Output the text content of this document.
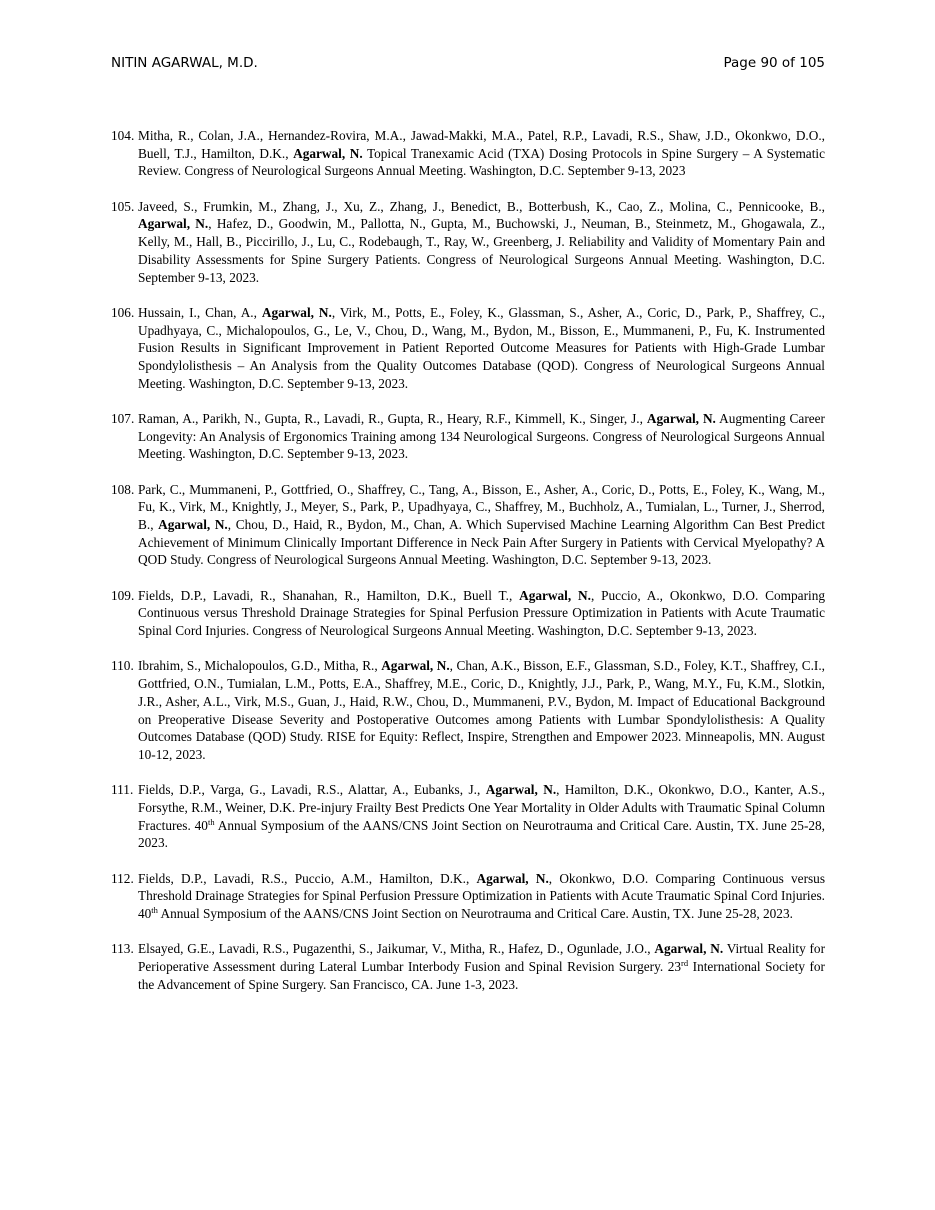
NITIN AGARWAL, M.D.	Page 90 of 105
104. Mitha, R., Colan, J.A., Hernandez-Rovira, M.A., Jawad-Makki, M.A., Patel, R.P., Lavadi, R.S., Shaw, J.D., Okonkwo, D.O., Buell, T.J., Hamilton, D.K., Agarwal, N. Topical Tranexamic Acid (TXA) Dosing Protocols in Spine Surgery – A Systematic Review. Congress of Neurological Surgeons Annual Meeting. Washington, D.C. September 9-13, 2023
105. Javeed, S., Frumkin, M., Zhang, J., Xu, Z., Zhang, J., Benedict, B., Botterbush, K., Cao, Z., Molina, C., Pennicooke, B., Agarwal, N., Hafez, D., Goodwin, M., Pallotta, N., Gupta, M., Buchowski, J., Neuman, B., Steinmetz, M., Ghogawala, Z., Kelly, M., Hall, B., Piccirillo, J., Lu, C., Rodebaugh, T., Ray, W., Greenberg, J. Reliability and Validity of Momentary Pain and Disability Assessments for Spine Surgery Patients. Congress of Neurological Surgeons Annual Meeting. Washington, D.C. September 9-13, 2023.
106. Hussain, I., Chan, A., Agarwal, N., Virk, M., Potts, E., Foley, K., Glassman, S., Asher, A., Coric, D., Park, P., Shaffrey, C., Upadhyaya, C., Michalopoulos, G., Le, V., Chou, D., Wang, M., Bydon, M., Bisson, E., Mummaneni, P., Fu, K. Instrumented Fusion Results in Significant Improvement in Patient Reported Outcome Measures for Patients with High-Grade Lumbar Spondylolisthesis – An Analysis from the Quality Outcomes Database (QOD). Congress of Neurological Surgeons Annual Meeting. Washington, D.C. September 9-13, 2023.
107. Raman, A., Parikh, N., Gupta, R., Lavadi, R., Gupta, R., Heary, R.F., Kimmell, K., Singer, J., Agarwal, N. Augmenting Career Longevity: An Analysis of Ergonomics Training among 134 Neurological Surgeons. Congress of Neurological Surgeons Annual Meeting. Washington, D.C. September 9-13, 2023.
108. Park, C., Mummaneni, P., Gottfried, O., Shaffrey, C., Tang, A., Bisson, E., Asher, A., Coric, D., Potts, E., Foley, K., Wang, M., Fu, K., Virk, M., Knightly, J., Meyer, S., Park, P., Upadhyaya, C., Shaffrey, M., Buchholz, A., Tumialan, L., Turner, J., Sherrod, B., Agarwal, N., Chou, D., Haid, R., Bydon, M., Chan, A. Which Supervised Machine Learning Algorithm Can Best Predict Achievement of Minimum Clinically Important Difference in Neck Pain After Surgery in Patients with Cervical Myelopathy? A QOD Study. Congress of Neurological Surgeons Annual Meeting. Washington, D.C. September 9-13, 2023.
109. Fields, D.P., Lavadi, R., Shanahan, R., Hamilton, D.K., Buell T., Agarwal, N., Puccio, A., Okonkwo, D.O. Comparing Continuous versus Threshold Drainage Strategies for Spinal Perfusion Pressure Optimization in Patients with Acute Traumatic Spinal Cord Injuries. Congress of Neurological Surgeons Annual Meeting. Washington, D.C. September 9-13, 2023.
110. Ibrahim, S., Michalopoulos, G.D., Mitha, R., Agarwal, N., Chan, A.K., Bisson, E.F., Glassman, S.D., Foley, K.T., Shaffrey, C.I., Gottfried, O.N., Tumialan, L.M., Potts, E.A., Shaffrey, M.E., Coric, D., Knightly, J.J., Park, P., Wang, M.Y., Fu, K.M., Slotkin, J.R., Asher, A.L., Virk, M.S., Guan, J., Haid, R.W., Chou, D., Mummaneni, P.V., Bydon, M. Impact of Educational Background on Preoperative Disease Severity and Postoperative Outcomes among Patients with Lumbar Spondylolisthesis: A Quality Outcomes Database (QOD) Study. RISE for Equity: Reflect, Inspire, Strengthen and Empower 2023. Minneapolis, MN. August 10-12, 2023.
111. Fields, D.P., Varga, G., Lavadi, R.S., Alattar, A., Eubanks, J., Agarwal, N., Hamilton, D.K., Okonkwo, D.O., Kanter, A.S., Forsythe, R.M., Weiner, D.K. Pre-injury Frailty Best Predicts One Year Mortality in Older Adults with Traumatic Spinal Column Fractures. 40th Annual Symposium of the AANS/CNS Joint Section on Neurotrauma and Critical Care. Austin, TX. June 25-28, 2023.
112. Fields, D.P., Lavadi, R.S., Puccio, A.M., Hamilton, D.K., Agarwal, N., Okonkwo, D.O. Comparing Continuous versus Threshold Drainage Strategies for Spinal Perfusion Pressure Optimization in Patients with Acute Traumatic Spinal Cord Injuries. 40th Annual Symposium of the AANS/CNS Joint Section on Neurotrauma and Critical Care. Austin, TX. June 25-28, 2023.
113. Elsayed, G.E., Lavadi, R.S., Pugazenthi, S., Jaikumar, V., Mitha, R., Hafez, D., Ogunlade, J.O., Agarwal, N. Virtual Reality for Perioperative Assessment during Lateral Lumbar Interbody Fusion and Spinal Revision Surgery. 23rd International Society for the Advancement of Spine Surgery. San Francisco, CA. June 1-3, 2023.
